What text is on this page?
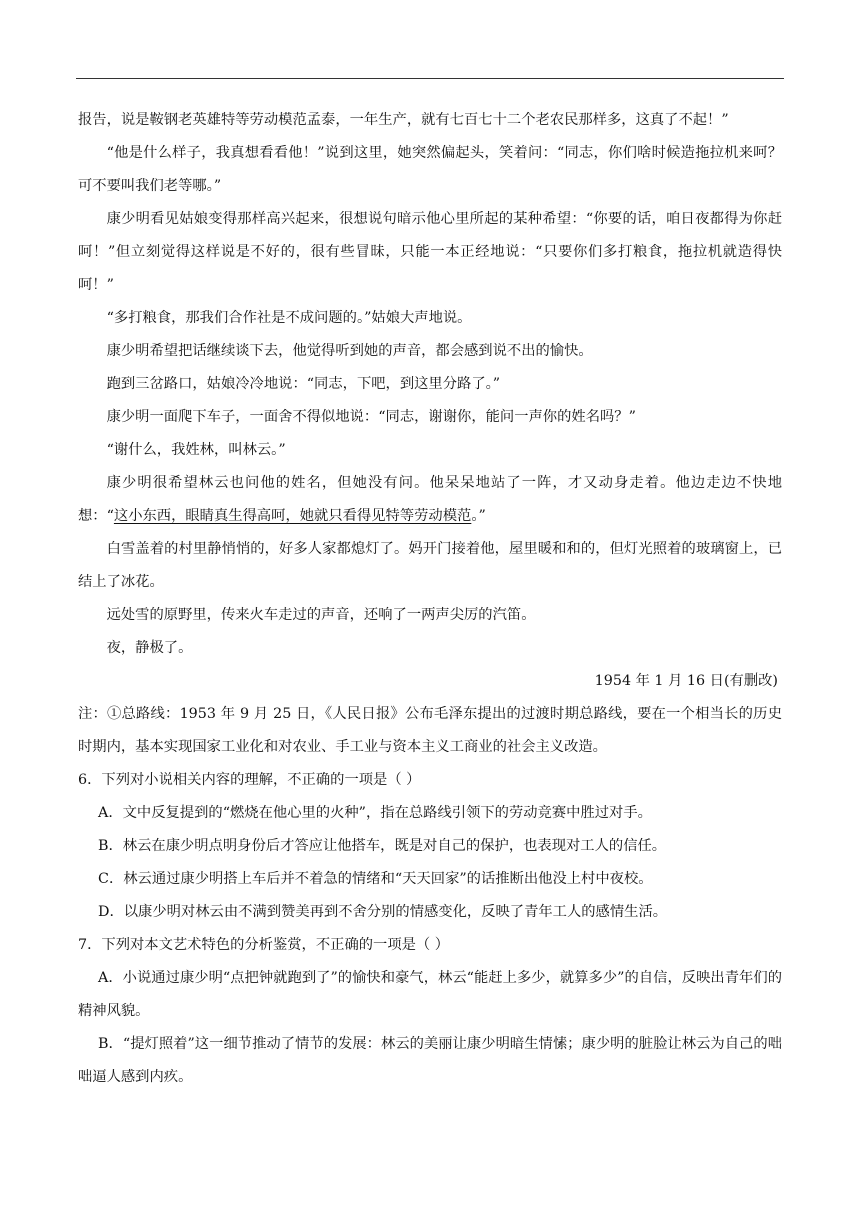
报告，说是鞍钢老英雄特等劳动模范孟泰，一年生产，就有七百七十二个老农民那样多，这真了不起！”

“他是什么样子，我真想看看他！”说到这里，她突然偏起头，笑着问：“同志，你们啥时候造拖拉机来呵？可不要叫我们老等哪。”

康少明看见姑娘变得那样高兴起来，很想说句暗示他心里所起的某种希望：“你要的话，咱日夜都得为你赶呵！”但立刻觉得这样说是不好的，很有些冒昧，只能一本正经地说：“只要你们多打粮食，拖拉机就造得快呵！”

“多打粮食，那我们合作社是不成问题的。”姑娘大声地说。

康少明希望把话继续谈下去，他觉得听到她的声音，都会感到说不出的愉快。

跑到三岔路口，姑娘冷冷地说：“同志，下吧，到这里分路了。”

康少明一面爬下车子，一面舍不得似地说：“同志，谢谢你，能问一声你的姓名吗？”

“谢什么，我姓林，叫林云。”

康少明很希望林云也问他的姓名，但她没有问。他呆呆地站了一阵，才又动身走着。他边走边不快地想：“这小东西，眼睛真生得高呵，她就只看得见特等劳动模范。”

白雪盖着的村里静悄悄的，好多人家都熄灯了。妈开门接着他，屋里暖和和的，但灯光照着的玻璃窗上，已结上了冰花。

远处雪的原野里，传来火车走过的声音，还响了一两声尖厉的汽笛。

夜，静极了。

1954 年 1 月 16 日(有删改)

注：①总路线：1953 年 9 月 25 日，《人民日报》公布毛泽东提出的过渡时期总路线，要在一个相当长的历史时期内，基本实现国家工业化和对农业、手工业与资本主义工商业的社会主义改造。

6．下列对小说相关内容的理解，不正确的一项是（ ）

A．文中反复提到的“燃烧在他心里的火种”，指在总路线引领下的劳动竞赛中胜过对手。

B．林云在康少明点明身份后才答应让他搭车，既是对自己的保护，也表现对工人的信任。

C．林云通过康少明搭上车后并不着急的情绪和“天天回家”的话推断出他没上村中夜校。

D．以康少明对林云由不满到赞美再到不舍分别的情感变化，反映了青年工人的感情生活。

7．下列对本文艺术特色的分析鉴赏，不正确的一项是（ ）

A．小说通过康少明“点把钟就跑到了”的愉快和豪气，林云“能赶上多少，就算多少”的自信，反映出青年们的精神风貌。

B．“提灯照着”这一细节推动了情节的发展：林云的美丽让康少明暗生情愫；康少明的脏脸让林云为自己的咄咄逼人感到内疚。
